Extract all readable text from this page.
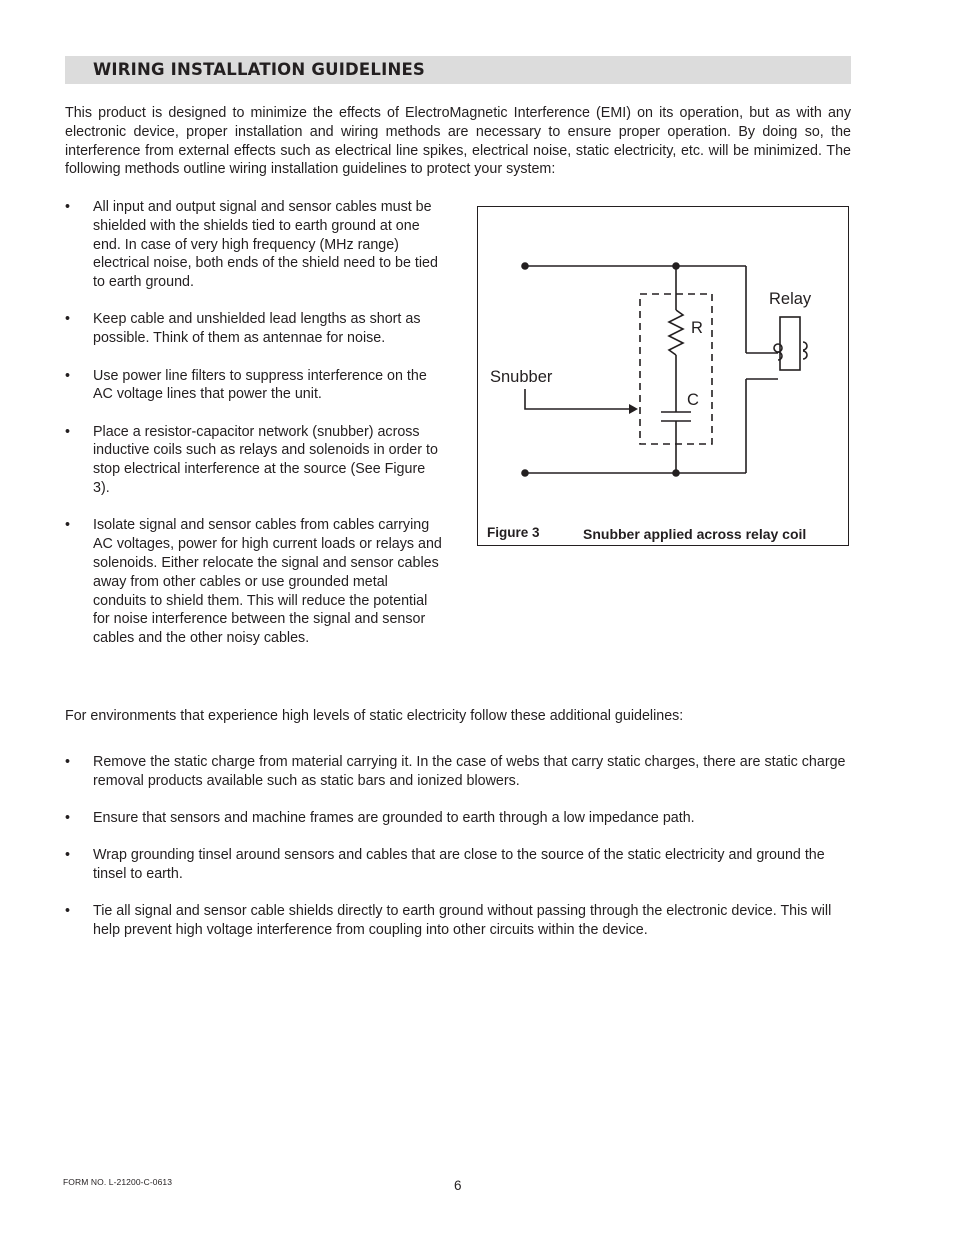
WIRING INSTALLATION GUIDELINES

This product is designed to minimize the effects of ElectroMagnetic Interference (EMI) on its operation, but as with any electronic device, proper installation and wiring methods are necessary to ensure proper operation. By doing so, the interference from external effects such as electrical line spikes, electrical noise, static electricity, etc. will be minimized. The following methods outline wiring installation guidelines to protect your system:

• All input and output signal and sensor cables must be shielded with the shields tied to earth ground at one end. In case of very high frequency (MHz range) electrical noise, both ends of the shield need to be tied to earth ground.
• Keep cable and unshielded lead lengths as short as possible. Think of them as antennae for noise.
• Use power line filters to suppress interference on the AC voltage lines that power the unit.
• Place a resistor-capacitor network (snubber) across inductive coils such as relays and solenoids in order to stop electrical interference at the source (See Figure 3).
• Isolate signal and sensor cables from cables carrying AC voltages, power for high current loads or relays and solenoids. Either relocate the signal and sensor cables away from other cables or use grounded metal conduits to shield them. This will reduce the potential for noise interference between the signal and sensor cables and the other noisy cables.

Relay

Snubber

R

C

Figure 3	Snubber applied across relay coil

For environments that experience high levels of static electricity follow these additional guidelines:

• Remove the static charge from material carrying it. In the case of webs that carry static charges, there are static charge removal products available such as static bars and ionized blowers.
• Ensure that sensors and machine frames are grounded to earth through a low impedance path.
• Wrap grounding tinsel around sensors and cables that are close to the source of the static electricity and ground the tinsel to earth.
• Tie all signal and sensor cable shields directly to earth ground without passing through the electronic device. This will help prevent high voltage interference from coupling into other circuits within the device.

FORM NO. L-21200-C-0613	6
